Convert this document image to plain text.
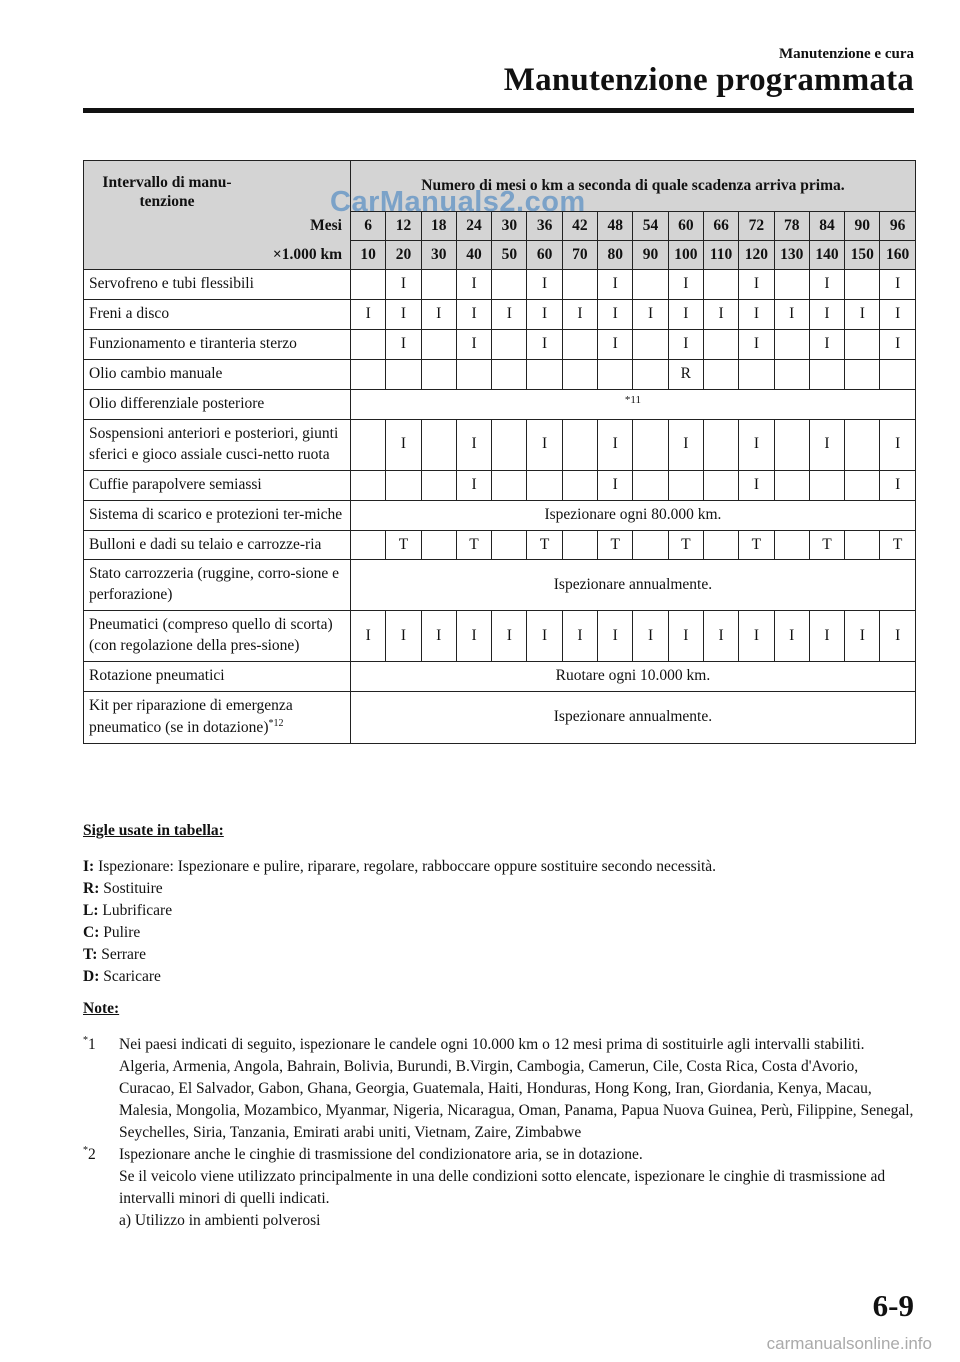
Manutenzione e cura
Manutenzione programmata
Intervallo di manu-tenzione	Numero di mesi o km a seconda di quale scadenza arriva prima.															
Mesi	6	12	18	24	30	36	42	48	54	60	66	72	78	84	90	96
×1.000 km	10	20	30	40	50	60	70	80	90	100	110	120	130	140	150	160
Servofreno e tubi flessibili		I		I		I		I		I		I		I		I
Freni a disco	I	I	I	I	I	I	I	I	I	I	I	I	I	I	I	I
Funzionamento e tiranteria sterzo		I		I		I		I		I		I		I		I
Olio cambio manuale										R						
Olio differenziale posteriore	*11															
Sospensioni anteriori e posteriori, giunti sferici e gioco assiale cusci-netto ruota		I		I		I		I		I		I		I		I
Cuffie parapolvere semiassi				I				I				I				I
Sistema di scarico e protezioni ter-miche	Ispezionare ogni 80.000 km.															
Bulloni e dadi su telaio e carrozze-ria		T		T		T		T		T		T		T		T
Stato carrozzeria (ruggine, corro-sione e perforazione)	Ispezionare annualmente.															
Pneumatici (compreso quello di scorta) (con regolazione della pres-sione)	I	I	I	I	I	I	I	I	I	I	I	I	I	I	I	I
Rotazione pneumatici	Ruotare ogni 10.000 km.															
Kit per riparazione di emergenza pneumatico (se in dotazione)$^{*12}$	Ispezionare annualmente.															
CarManuals2.com
Sigle usate in tabella:
I: Ispezionare: Ispezionare e pulire, riparare, regolare, rabboccare oppure sostituire secondo necessità.
R: Sostituire
L: Lubrificare
C: Pulire
T: Serrare
D: Scaricare
Note:
*1 Nei paesi indicati di seguito, ispezionare le candele ogni 10.000 km o 12 mesi prima di sostituirle agli intervalli stabiliti.

Algeria, Armenia, Angola, Bahrain, Bolivia, Burundi, B.Virgin, Cambogia, Camerun, Cile, Costa Rica, Costa d'Avorio, Curacao, El Salvador, Gabon, Ghana, Georgia, Guatemala, Haiti, Honduras, Hong Kong, Iran, Giordania, Kenya, Macau, Malesia, Mongolia, Mozambico, Myanmar, Nigeria, Nicaragua, Oman, Panama, Papua Nuova Guinea, Perù, Filippine, Senegal, Seychelles, Siria, Tanzania, Emirati arabi uniti, Vietnam, Zaire, Zimbabwe

*2 Ispezionare anche le cinghie di trasmissione del condizionatore aria, se in dotazione.

Se il veicolo viene utilizzato principalmente in una delle condizioni sotto elencate, ispezionare le cinghie di trasmissione ad intervalli minori di quelli indicati.

a) Utilizzo in ambienti polverosi

6-9
carmanualsonline.info
